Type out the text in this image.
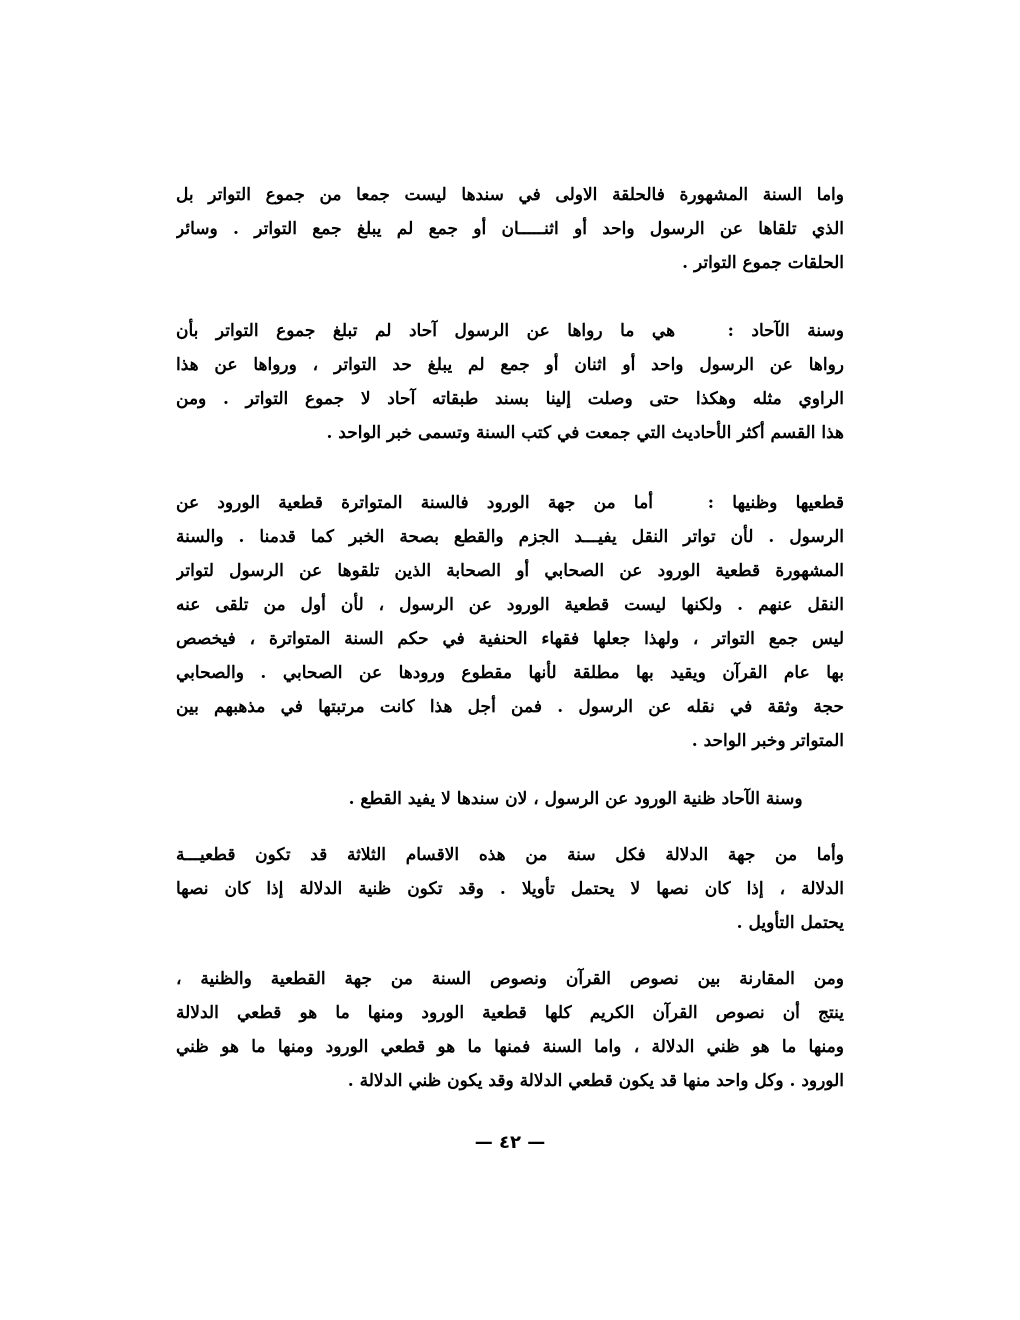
واما السنة المشهورة فالحلقة الاولى في سندها ليست جمعا من جموع التواتر بل
الذي تلقاها عن الرسول واحد أو اثنـــــان أو جمع لم يبلغ جمع التواتر . وسائر
الحلقات جموع التواتر .
وسنة الآحاد :   هي ما رواها عن الرسول آحاد لم تبلغ جموع التواتر بأن
رواها عن الرسول واحد أو اثنان أو جمع لم يبلغ حد التواتر ، ورواها عن هذا
الراوي مثله وهكذا حتى وصلت إلينا بسند طبقاته آحاد لا جموع التواتر . ومن
هذا القسم أكثر الأحاديث التي جمعت في كتب السنة وتسمى خبر الواحد .
قطعيها وظنيها :   أما من جهة الورود فالسنة المتواترة قطعية الورود عن
الرسول . لأن تواتر النقل يفيـــد الجزم والقطع بصحة الخبر كما قدمنا . والسنة
المشهورة قطعية الورود عن الصحابي أو الصحابة الذين تلقوها عن الرسول لتواتر
النقل عنهم . ولكنها ليست قطعية الورود عن الرسول ، لأن أول من تلقى عنه
ليس جمع التواتر ، ولهذا جعلها فقهاء الحنفية في حكم السنة المتواترة ، فيخصص
بها عام القرآن ويقيد بها مطلقة لأنها مقطوع ورودها عن الصحابي . والصحابي
حجة وثقة في نقله عن الرسول . فمن أجل هذا كانت مرتبتها في مذهبهم بين
المتواتر وخبر الواحد .
وسنة الآحاد ظنية الورود عن الرسول ، لان سندها لا يفيد القطع .
وأما من جهة الدلالة فكل سنة من هذه الاقسام الثلاثة قد تكون قطعيـــة
الدلالة ، إذا كان نصها لا يحتمل تأويلا . وقد تكون ظنية الدلالة إذا كان نصها
يحتمل التأويل .
ومن المقارنة بين نصوص القرآن ونصوص السنة من جهة القطعية والظنية ،
ينتج أن نصوص القرآن الكريم كلها قطعية الورود ومنها ما هو قطعي الدلالة
ومنها ما هو ظني الدلالة ، واما السنة فمنها ما هو قطعي الورود ومنها ما هو ظني
الورود . وكل واحد منها قد يكون قطعي الدلالة وقد يكون ظني الدلالة .
— ٤٢ —
